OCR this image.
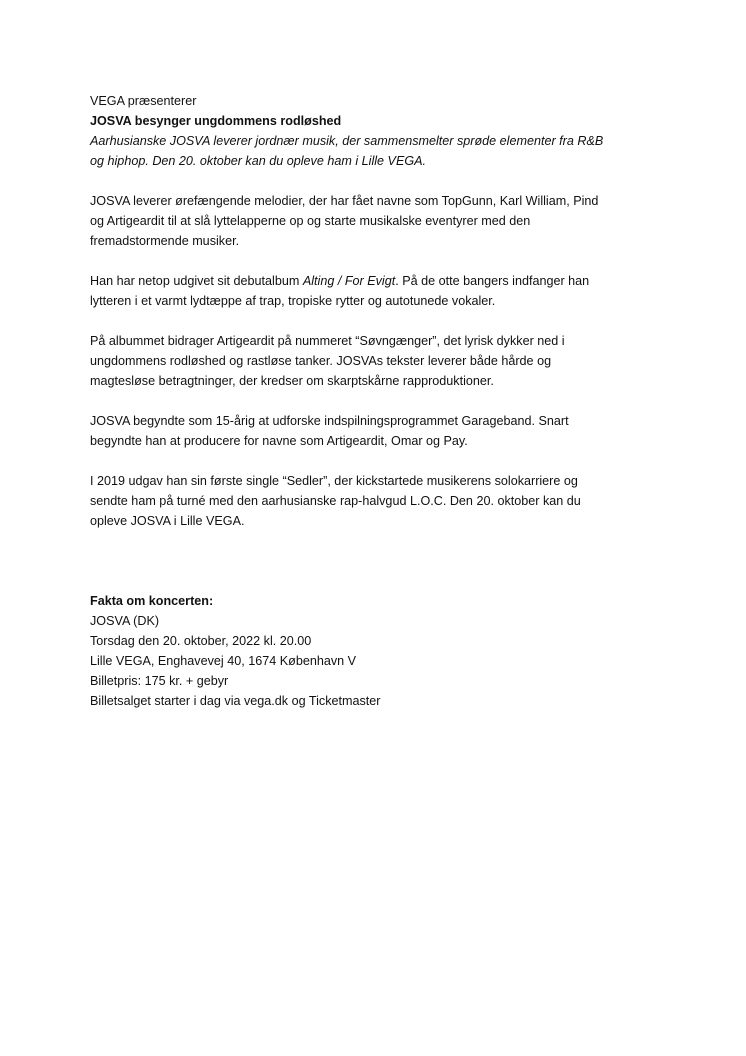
VEGA præsenterer
JOSVA besynger ungdommens rodløshed
Aarhusianske JOSVA leverer jordnær musik, der sammensmelter sprøde elementer fra R&B
og hiphop. Den 20. oktober kan du opleve ham i Lille VEGA.
JOSVA leverer ørefængende melodier, der har fået navne som TopGunn, Karl William, Pind
og Artigeardit til at slå lyttelapperne op og starte musikalske eventyrer med den
fremadstormende musiker.
Han har netop udgivet sit debutalbum Alting / For Evigt. På de otte bangers indfanger han
lytteren i et varmt lydtæppe af trap, tropiske rytter og autotunede vokaler.
På albummet bidrager Artigeardit på nummeret “Søvngænger”, det lyrisk dykker ned i
ungdommens rodløshed og rastløse tanker. JOSVAs tekster leverer både hårde og
magtesløse betragtninger, der kredser om skarptskårne rapproduktioner.
JOSVA begyndte som 15-årig at udforske indspilningsprogrammet Garageband. Snart
begyndte han at producere for navne som Artigeardit, Omar og Pay.
I 2019 udgav han sin første single “Sedler”, der kickstartede musikerens solokarriere og
sendte ham på turné med den aarhusianske rap-halvgud L.O.C. Den 20. oktober kan du
opleve JOSVA i Lille VEGA.
Fakta om koncerten:
JOSVA (DK)
Torsdag den 20. oktober, 2022 kl. 20.00
Lille VEGA, Enghavevej 40, 1674 København V
Billetpris: 175 kr. + gebyr
Billetsalget starter i dag via vega.dk og Ticketmaster
